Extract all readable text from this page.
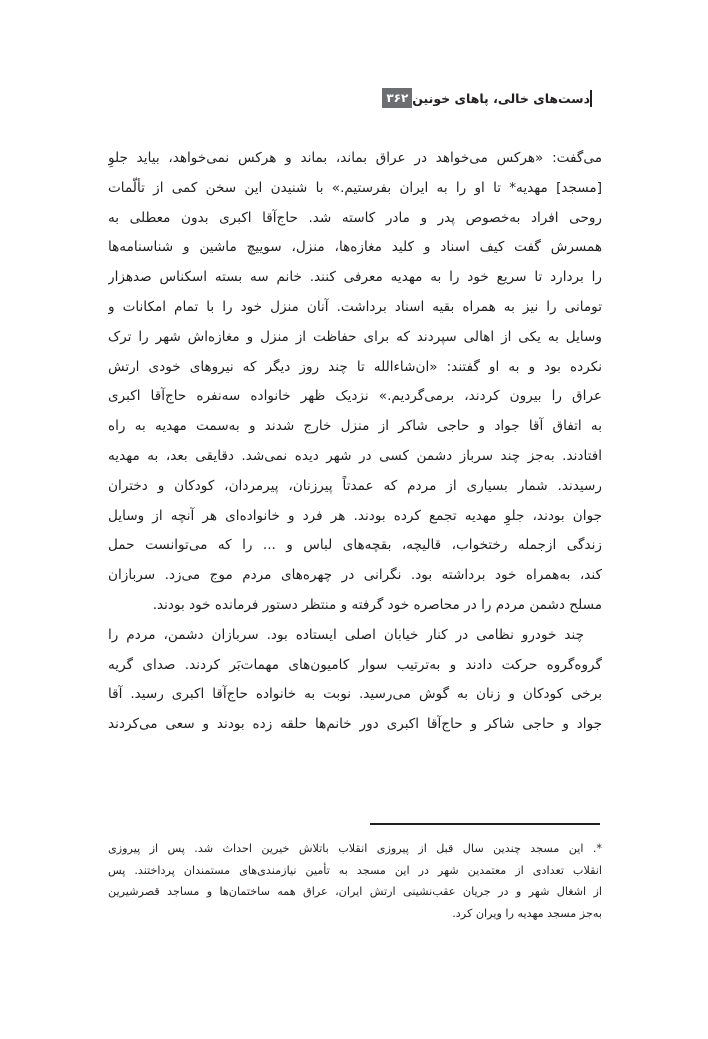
۳۶۲ دست‌های خالی، پاهای خونین
می‌گفت: «هرکس می‌خواهد در عراق بماند، بماند و هرکس نمی‌خواهد، بیاید جلوِ
[مسجد] مهدیه* تا او را به ایران بفرستیم.» با شنیدن این سخن کمی از تألّمات
روحی افراد به‌خصوص پدر و مادر کاسته شد. حاج‌آقا اکبری بدون معطلی به
همسرش گفت کیف اسناد و کلید مغازه‌ها، منزل، سوییچ ماشین و شناسنامه‌ها
را بردارد تا سریع خود را به مهدیه معرفی کنند. خانم سه بسته اسکناس صدهزار
تومانی را نیز به همراه بقیه اسناد برداشت. آنان منزل خود را با تمام امکانات و
وسایل به یکی از اهالی سپردند که برای حفاظت از منزل و مغازه‌اش شهر را ترک
نکرده بود و به او گفتند: «ان‌شاءالله تا چند روز دیگر که نیروهای خودی ارتش
عراق را بیرون کردند، برمی‌گردیم.» نزدیک ظهر خانواده سه‌نفره حاج‌آقا اکبری
به اتفاق آقا جواد و حاجی شاکر از منزل خارج شدند و به‌سمت مهدیه به راه
افتادند. به‌جز چند سرباز دشمن کسی در شهر دیده نمی‌شد. دقایقی بعد، به مهدیه
رسیدند. شمار بسیاری از مردم که عمدتاً پیرزنان، پیرمردان، کودکان و دختران
جوان بودند، جلوِ مهدیه تجمع کرده بودند. هر فرد و خانواده‌ای هر آنچه از وسایل
زندگی ازجمله رختخواب، قالیچه، بقچه‌های لباس و ... را که می‌توانست حمل
کند، به‌همراه خود برداشته بود. نگرانی در چهره‌های مردم موج می‌زد. سربازان
مسلح دشمن مردم را در محاصره خود گرفته و منتظر دستور فرمانده خود بودند.
چند خودرو نظامی در کنار خیابان اصلی ایستاده بود. سربازان دشمن، مردم را
گروه‌گروه حرکت دادند و به‌ترتیب سوار کامیون‌های مهمات‌بَر کردند. صدای گریه
برخی کودکان و زنان به گوش می‌رسید. نوبت به خانواده حاج‌آقا اکبری رسید. آقا
جواد و حاجی شاکر و حاج‌آقا اکبری دور خانم‌ها حلقه زده بودند و سعی می‌کردند
*. این مسجد چندین سال قبل از پیروزی انقلاب باتلاش خیرین احداث شد. پس از پیروزی
انقلاب تعدادی از معتمدین شهر در این مسجد به تأمین نیازمندی‌های مستمندان پرداختند. پس
از اشغال شهر و در جریان عقب‌نشینی ارتش ایران، عراق همه ساختمان‌ها و مساجد قصرشیرین
به‌جز مسجد مهدیه را ویران کرد.
